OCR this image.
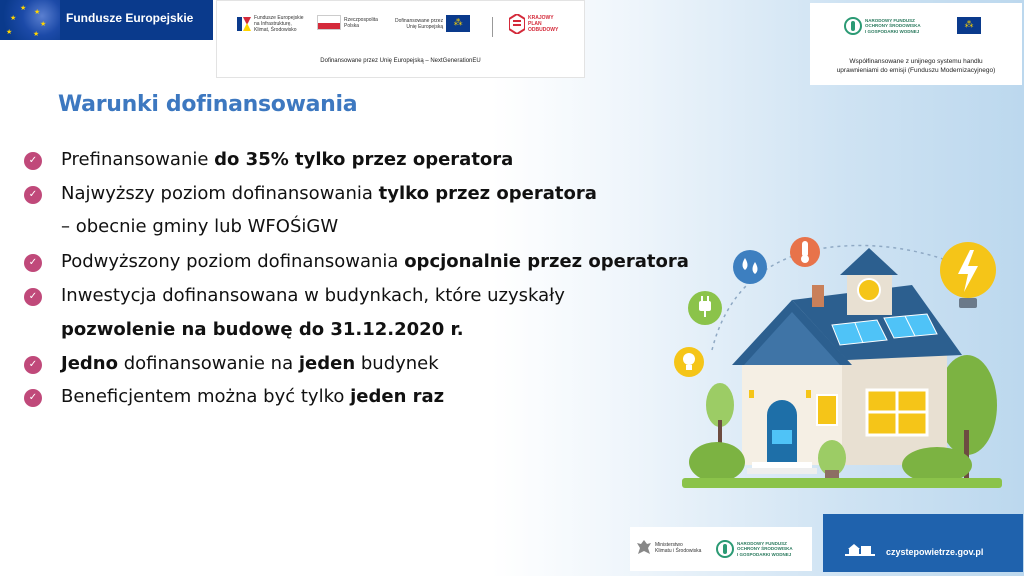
★ ★
★
★
★
★
Fundusze Europejskie	Fundusze Europejskie
na Infrastrukturę,
Klimat, Środowisko
Rzeczpospolita
Polska
Dofinansowane przez
Unię Europejską	⁂	KRAJOWY
PLAN
ODBUDOWY
Dofinansowane przez Unię Europejską – NextGenerationEU
NARODOWY FUNDUSZ
OCHRONY ŚRODOWISKA
I GOSPODARKI WODNEJ
⁂
Współfinansowane z unijnego systemu handlu
uprawnieniami do emisji (Funduszu Modernizacyjnego)
Warunki dofinansowania
✓ Prefinansowanie do 35% tylko przez operatora
✓ Najwyższy poziom dofinansowania tylko przez operatora
– obecnie gminy lub WFOŚiGW
✓ Podwyższony poziom dofinansowania opcjonalnie przez operatora
✓ Inwestycja dofinansowana w budynkach, które uzyskały
pozwolenie na budowę do 31.12.2020 r.
✓ Jedno dofinansowanie na jeden budynek
✓ Beneficjentem można być tylko jeden raz
Ministerstwo
Klimatu i Środowiska
NARODOWY FUNDUSZ
OCHRONY ŚRODOWISKA
I GOSPODARKI WODNEJ	czystepowietrze.gov.pl
